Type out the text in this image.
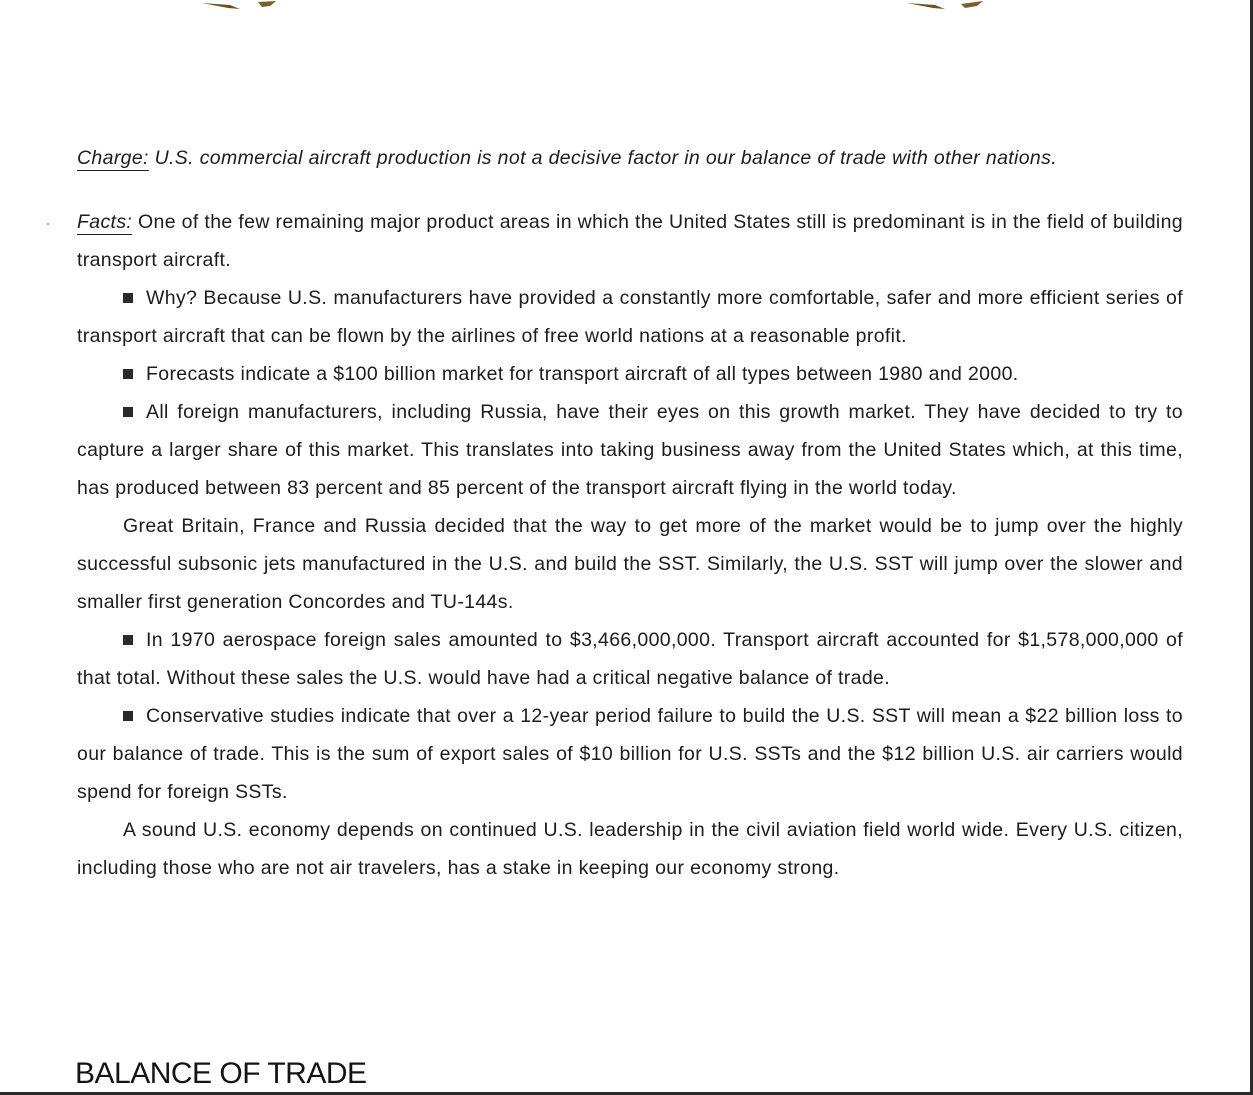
Charge: U.S. commercial aircraft production is not a decisive factor in our balance of trade with other nations.

Facts: One of the few remaining major product areas in which the United States still is predominant is in the field of building transport aircraft.

Why? Because U.S. manufacturers have provided a constantly more comfortable, safer and more efficient series of transport aircraft that can be flown by the airlines of free world nations at a reasonable profit.

Forecasts indicate a $100 billion market for transport aircraft of all types between 1980 and 2000.

All foreign manufacturers, including Russia, have their eyes on this growth market. They have decided to try to capture a larger share of this market. This translates into taking business away from the United States which, at this time, has produced between 83 percent and 85 percent of the transport aircraft flying in the world today.

Great Britain, France and Russia decided that the way to get more of the market would be to jump over the highly successful subsonic jets manufactured in the U.S. and build the SST. Similarly, the U.S. SST will jump over the slower and smaller first generation Concordes and TU-144s.

In 1970 aerospace foreign sales amounted to $3,466,000,000. Transport aircraft accounted for $1,578,000,000 of that total. Without these sales the U.S. would have had a critical negative balance of trade.

Conservative studies indicate that over a 12-year period failure to build the U.S. SST will mean a $22 billion loss to our balance of trade. This is the sum of export sales of $10 billion for U.S. SSTs and the $12 billion U.S. air carriers would spend for foreign SSTs.

A sound U.S. economy depends on continued U.S. leadership in the civil aviation field world wide. Every U.S. citizen, including those who are not air travelers, has a stake in keeping our economy strong.

BALANCE OF TRADE
